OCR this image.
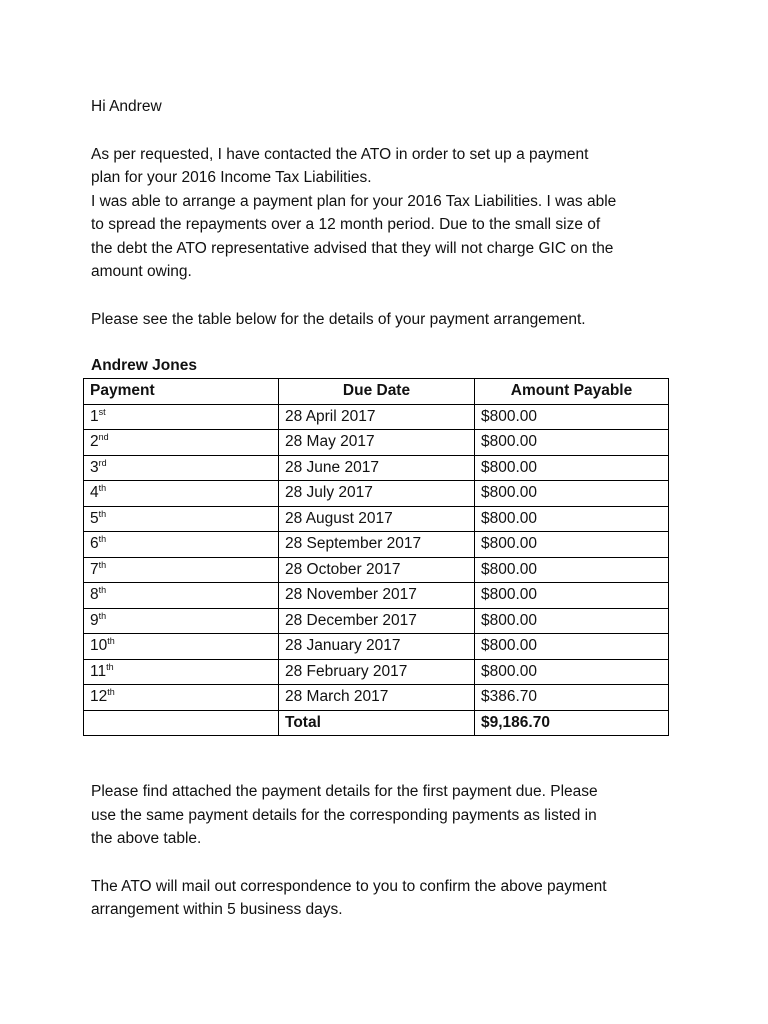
Hi Andrew

As per requested, I have contacted the ATO in order to set up a payment

plan for your 2016 Income Tax Liabilities.

I was able to arrange a payment plan for your 2016 Tax Liabilities. I was able

to spread the repayments over a 12 month period. Due to the small size of

the debt the ATO representative advised that they will not charge GIC on the

amount owing.

Please see the table below for the details of your payment arrangement.

Andrew Jones

Payment	Due Date	Amount Payable
1st	28 April 2017	$800.00
2nd	28 May 2017	$800.00
3rd	28 June 2017	$800.00
4th	28 July 2017	$800.00
5th	28 August 2017	$800.00
6th	28 September 2017	$800.00
7th	28 October 2017	$800.00
8th	28 November 2017	$800.00
9th	28 December 2017	$800.00
10th	28 January 2017	$800.00
11th	28 February 2017	$800.00
12th	28 March 2017	$386.70
	Total	$9,186.70

Please find attached the payment details for the first payment due. Please
use the same payment details for the corresponding payments as listed in
the above table.

The ATO will mail out correspondence to you to confirm the above payment
arrangement within 5 business days.
